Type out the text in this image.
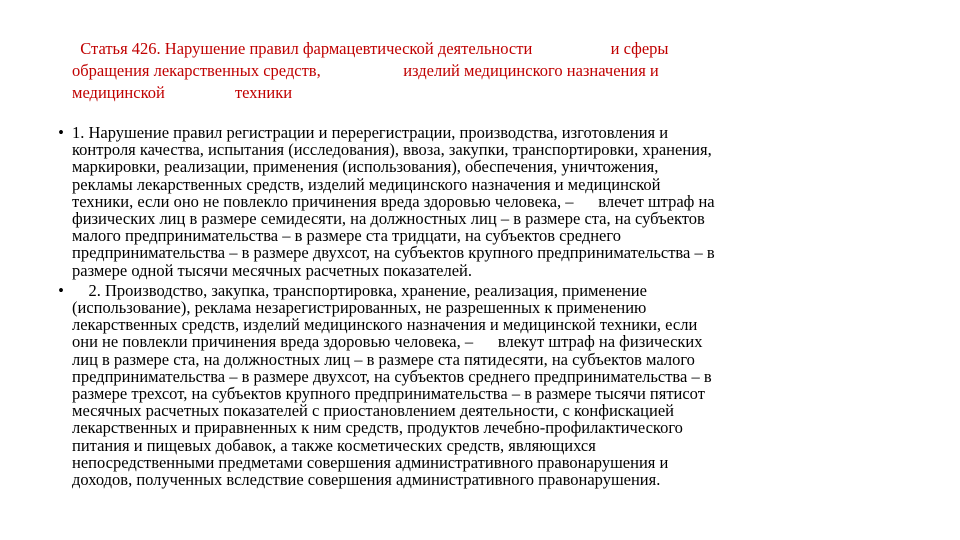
Статья 426. Нарушение правил фармацевтической деятельности                   и сферы
обращения лекарственных средств,                    изделий медицинского назначения и
медицинской                 техники
• 1. Нарушение правил регистрации и перерегистрации, производства, изготовления и
контроля качества, испытания (исследования), ввоза, закупки, транспортировки, хранения,
маркировки, реализации, применения (использования), обеспечения, уничтожения,
рекламы лекарственных средств, изделий медицинского назначения и медицинской
техники, если оно не повлекло причинения вреда здоровью человека, –      влечет штраф на
физических лиц в размере семидесяти, на должностных лиц – в размере ста, на субъектов
малого предпринимательства – в размере ста тридцати, на субъектов среднего
предпринимательства – в размере двухсот, на субъектов крупного предпринимательства – в
размере одной тысячи месячных расчетных показателей.
• 2. Производство, закупка, транспортировка, хранение, реализация, применение
(использование), реклама незарегистрированных, не разрешенных к применению
лекарственных средств, изделий медицинского назначения и медицинской техники, если
они не повлекли причинения вреда здоровью человека, –      влекут штраф на физических
лиц в размере ста, на должностных лиц – в размере ста пятидесяти, на субъектов малого
предпринимательства – в размере двухсот, на субъектов среднего предпринимательства – в
размере трехсот, на субъектов крупного предпринимательства – в размере тысячи пятисот
месячных расчетных показателей с приостановлением деятельности, с конфискацией
лекарственных и приравненных к ним средств, продуктов лечебно-профилактического
питания и пищевых добавок, а также косметических средств, являющихся
непосредственными предметами совершения административного правонарушения и
доходов, полученных вследствие совершения административного правонарушения.
